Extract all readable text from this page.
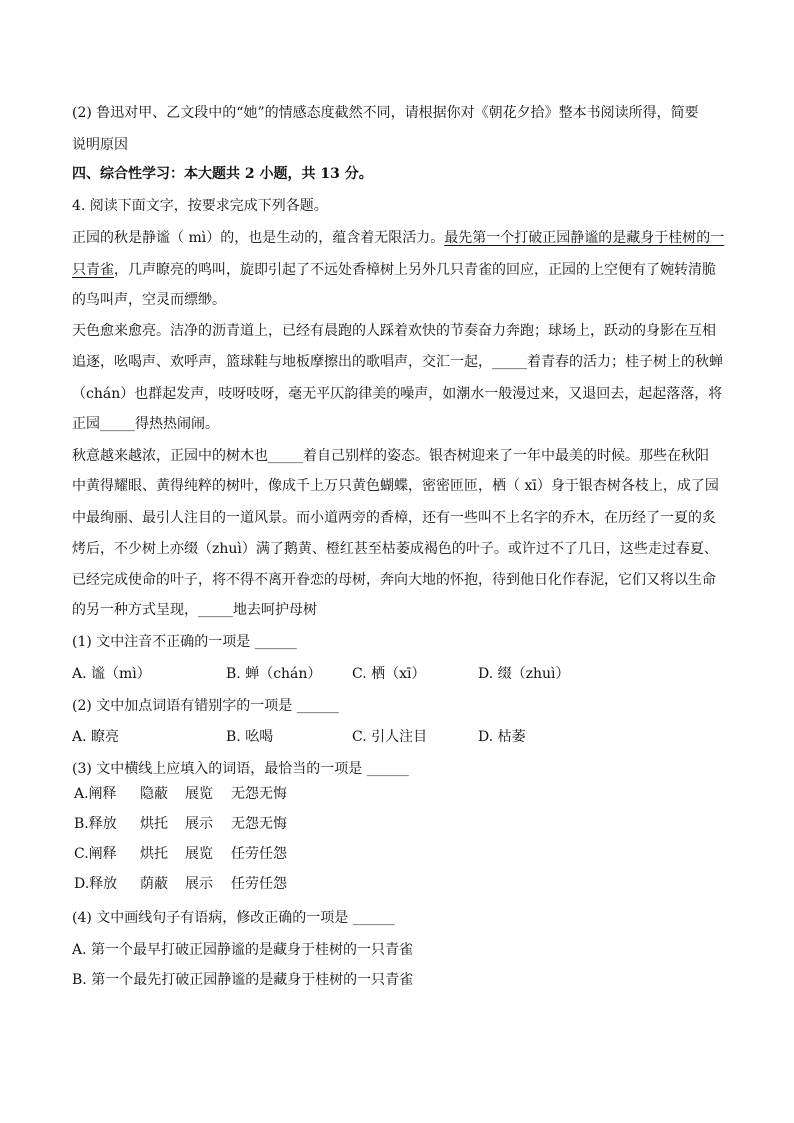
(2) 鲁迅对甲、乙文段中的“她”的情感态度截然不同，请根据你对《朝花夕拾》整本书阅读所得，简要
说明原因
四、综合性学习：本大题共 2 小题，共 13 分。
4. 阅读下面文字，按要求完成下列各题。
正园的秋是静谧（ mì）的，也是生动的，蕴含着无限活力。最先第一个打破正园静谧的是藏身于桂树的一
只青雀，几声瞭亮的鸣叫，旋即引起了不远处香樟树上另外几只青雀的回应，正园的上空便有了婉转清脆
的鸟叫声，空灵而缥缈。
天色愈来愈亮。洁净的沥青道上，已经有晨跑的人踩着欢快的节奏奋力奔跑；球场上，跃动的身影在互相
追逐，吆喝声、欢呼声，篮球鞋与地板摩擦出的歌唱声，交汇一起，_____着青春的活力；桂子树上的秋蝉
（chán）也群起发声，吱呀吱呀，毫无平仄韵律美的噪声，如潮水一般漫过来，又退回去，起起落落，将
正园_____得热热闹闹。
秋意越来越浓，正园中的树木也_____着自己别样的姿态。银杏树迎来了一年中最美的时候。那些在秋阳
中黄得耀眼、黄得纯粹的树叶，像成千上万只黄色蝴蝶，密密匝匝，栖（ xī）身于银杏树各枝上，成了园
中最绚丽、最引人注目的一道风景。而小道两旁的香樟，还有一些叫不上名字的乔木，在历经了一夏的炙
烤后，不少树上亦缀（zhuì）满了鹅黄、橙红甚至枯萎成褐色的叶子。或许过不了几日，这些走过春夏、
已经完成使命的叶子，将不得不离开眷恋的母树，奔向大地的怀抱，待到他日化作春泥，它们又将以生命
的另一种方式呈现，_____地去呵护母树
(1) 文中注音不正确的一项是 ______
A. 谧（mì）	B. 蝉（chán） C. 栖（xī）	D. 缀（zhuì）
(2) 文中加点词语有错别字的一项是 ______
A. 瞭亮	B. 吆喝	C. 引人注目	D. 枯萎
(3) 文中横线上应填入的词语，最恰当的一项是 ______
A.阐释 隐蔽 展览 无怨无悔
B.释放 烘托 展示 无怨无悔
C.阐释 烘托 展览 任劳任怨
D.释放 荫蔽 展示 任劳任怨
(4) 文中画线句子有语病，修改正确的一项是 ______
A. 第一个最早打破正园静谧的是藏身于桂树的一只青雀
B. 第一个最先打破正园静谧的是藏身于桂树的一只青雀
